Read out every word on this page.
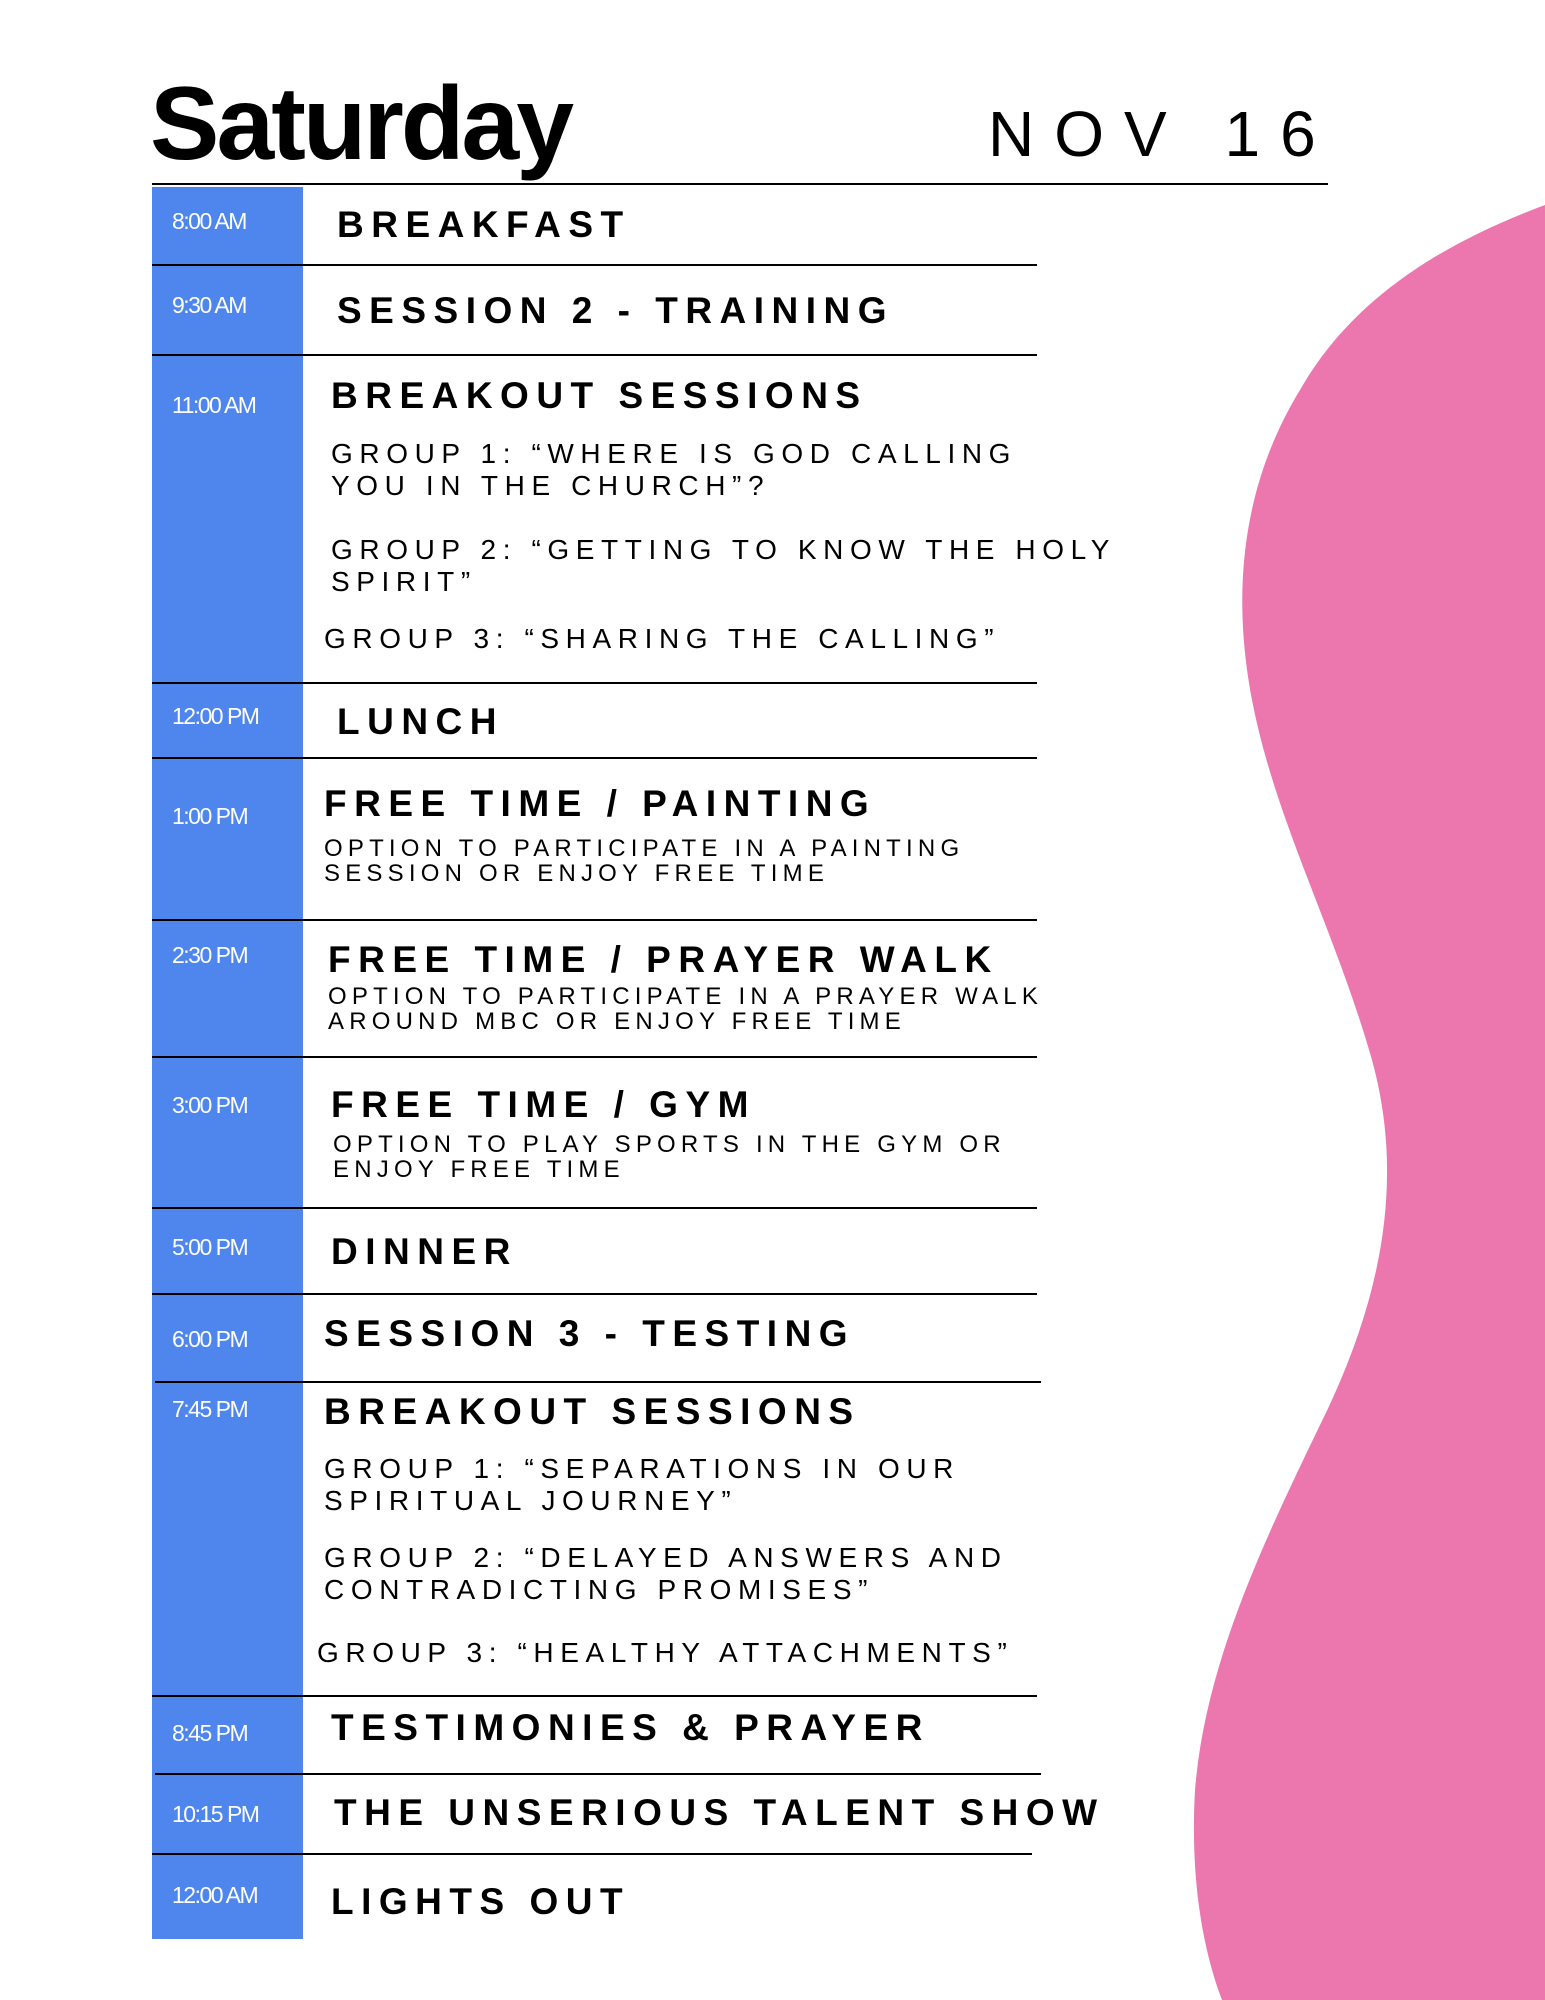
Saturday	NOV 16
8:00 AM	BREAKFAST
9:30 AM	SESSION 2 - TRAINING
11:00 AM	BREAKOUT SESSIONS
GROUP 1: “WHERE IS GOD CALLING
YOU IN THE CHURCH”?
GROUP 2: “GETTING TO KNOW THE HOLY
SPIRIT”
GROUP 3: “SHARING THE CALLING”
12:00 PM	LUNCH
1:00 PM	FREE TIME / PAINTING
OPTION TO PARTICIPATE IN A PAINTING
SESSION OR ENJOY FREE TIME
2:30 PM	FREE TIME / PRAYER WALK
OPTION TO PARTICIPATE IN A PRAYER WALK
AROUND MBC OR ENJOY FREE TIME
3:00 PM	FREE TIME / GYM
OPTION TO PLAY SPORTS IN THE GYM OR
ENJOY FREE TIME
5:00 PM	DINNER
6:00 PM	SESSION 3 - TESTING
7:45 PM	BREAKOUT SESSIONS
GROUP 1: “SEPARATIONS IN OUR
SPIRITUAL JOURNEY”
GROUP 2: “DELAYED ANSWERS AND
CONTRADICTING PROMISES”
GROUP 3: “HEALTHY ATTACHMENTS”
8:45 PM	TESTIMONIES & PRAYER
10:15 PM	THE UNSERIOUS TALENT SHOW
12:00 AM	LIGHTS OUT
